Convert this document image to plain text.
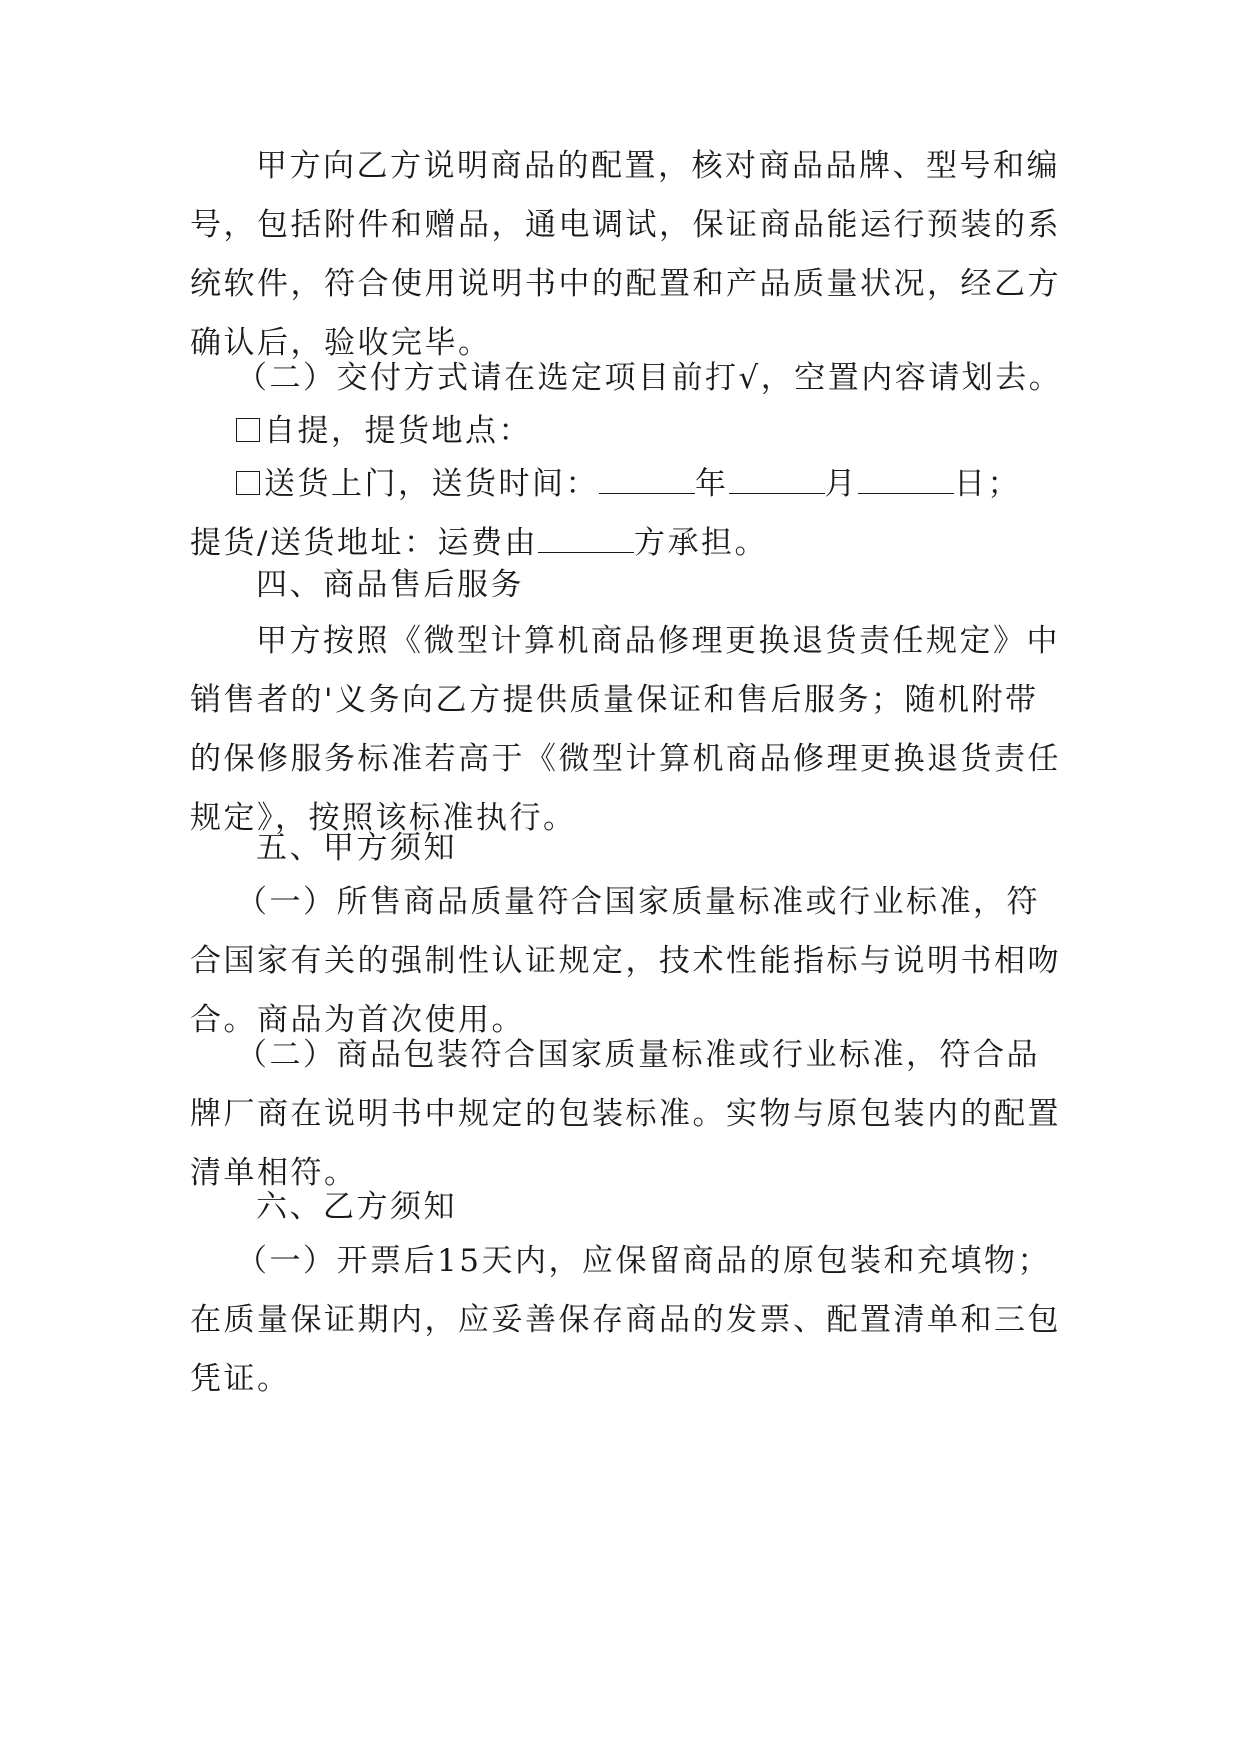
甲方向乙方说明商品的配置，核对商品品牌、型号和编
号，包括附件和赠品，通电调试，保证商品能运行预装的系
统软件，符合使用说明书中的配置和产品质量状况，经乙方
确认后，验收完毕。
（二）交付方式请在选定项目前打√，空置内容请划去。
自提，提货地点：
送货上门，送货时间：	年	月	日；
提货/送货地址：运费由	方承担。
四、商品售后服务
甲方按照《微型计算机商品修理更换退货责任规定》中
销售者的'义务向乙方提供质量保证和售后服务；随机附带
的保修服务标准若高于《微型计算机商品修理更换退货责任
规定》，按照该标准执行。
五、甲方须知
（一）所售商品质量符合国家质量标准或行业标准，符
合国家有关的强制性认证规定，技术性能指标与说明书相吻
合。商品为首次使用。
（二）商品包装符合国家质量标准或行业标准，符合品
牌厂商在说明书中规定的包装标准。实物与原包装内的配置
清单相符。
六、乙方须知
（一）开票后15天内，应保留商品的原包装和充填物；
在质量保证期内，应妥善保存商品的发票、配置清单和三包
凭证。
